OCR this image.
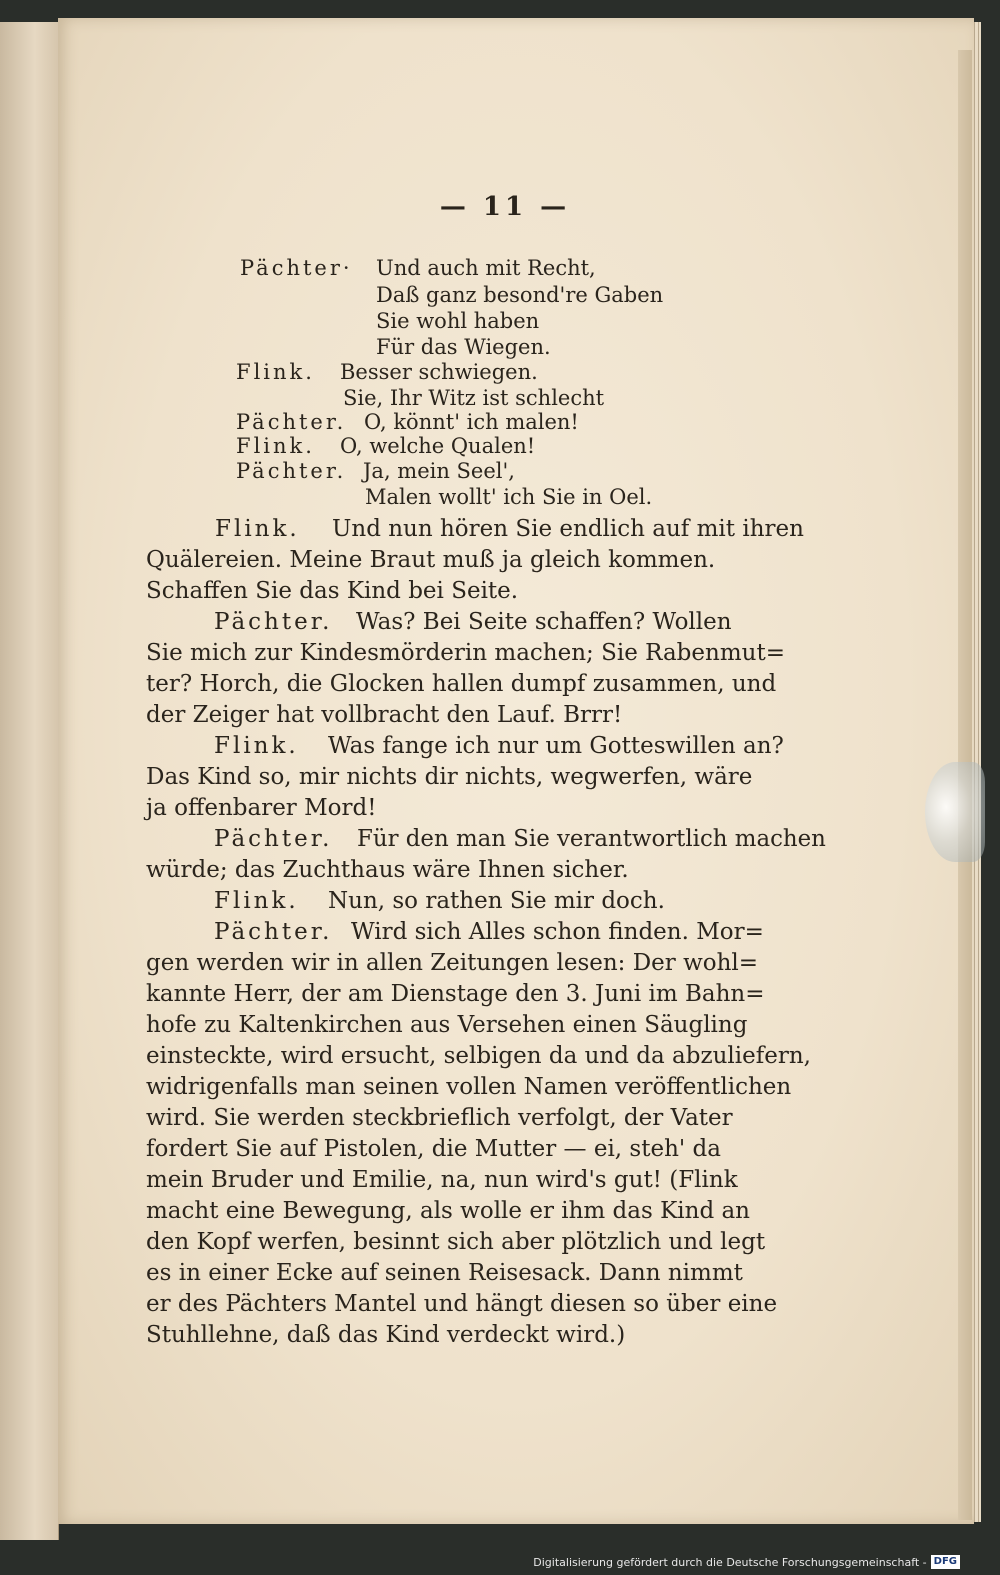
— 11 —
Pächter· Und auch mit Recht,
Daß ganz besond're Gaben
Sie wohl haben
Für das Wiegen.
Flink. Besser schwiegen.
Sie, Ihr Witz ist schlecht
Pächter. O, könnt' ich malen!
Flink. O, welche Qualen!
Pächter. Ja, mein Seel',
Malen wollt' ich Sie in Oel.
Flink. Und nun hören Sie endlich auf mit ihren
Quälereien. Meine Braut muß ja gleich kommen.
Schaffen Sie das Kind bei Seite.
Pächter. Was? Bei Seite schaffen? Wollen
Sie mich zur Kindesmörderin machen; Sie Rabenmut=
ter? Horch, die Glocken hallen dumpf zusammen, und
der Zeiger hat vollbracht den Lauf. Brrr!
Flink. Was fange ich nur um Gotteswillen an?
Das Kind so, mir nichts dir nichts, wegwerfen, wäre
ja offenbarer Mord!
Pächter. Für den man Sie verantwortlich machen
würde; das Zuchthaus wäre Ihnen sicher.
Flink. Nun, so rathen Sie mir doch.
Pächter. Wird sich Alles schon finden. Mor=
gen werden wir in allen Zeitungen lesen: Der wohl=
kannte Herr, der am Dienstage den 3. Juni im Bahn=
hofe zu Kaltenkirchen aus Versehen einen Säugling
einsteckte, wird ersucht, selbigen da und da abzuliefern,
widrigenfalls man seinen vollen Namen veröffentlichen
wird. Sie werden steckbrieflich verfolgt, der Vater
fordert Sie auf Pistolen, die Mutter — ei, steh' da
mein Bruder und Emilie, na, nun wird's gut! (Flink
macht eine Bewegung, als wolle er ihm das Kind an
den Kopf werfen, besinnt sich aber plötzlich und legt
es in einer Ecke auf seinen Reisesack. Dann nimmt
er des Pächters Mantel und hängt diesen so über eine
Stuhllehne, daß das Kind verdeckt wird.)
Digitalisierung gefördert durch die Deutsche Forschungsgemeinschaft - DFG
